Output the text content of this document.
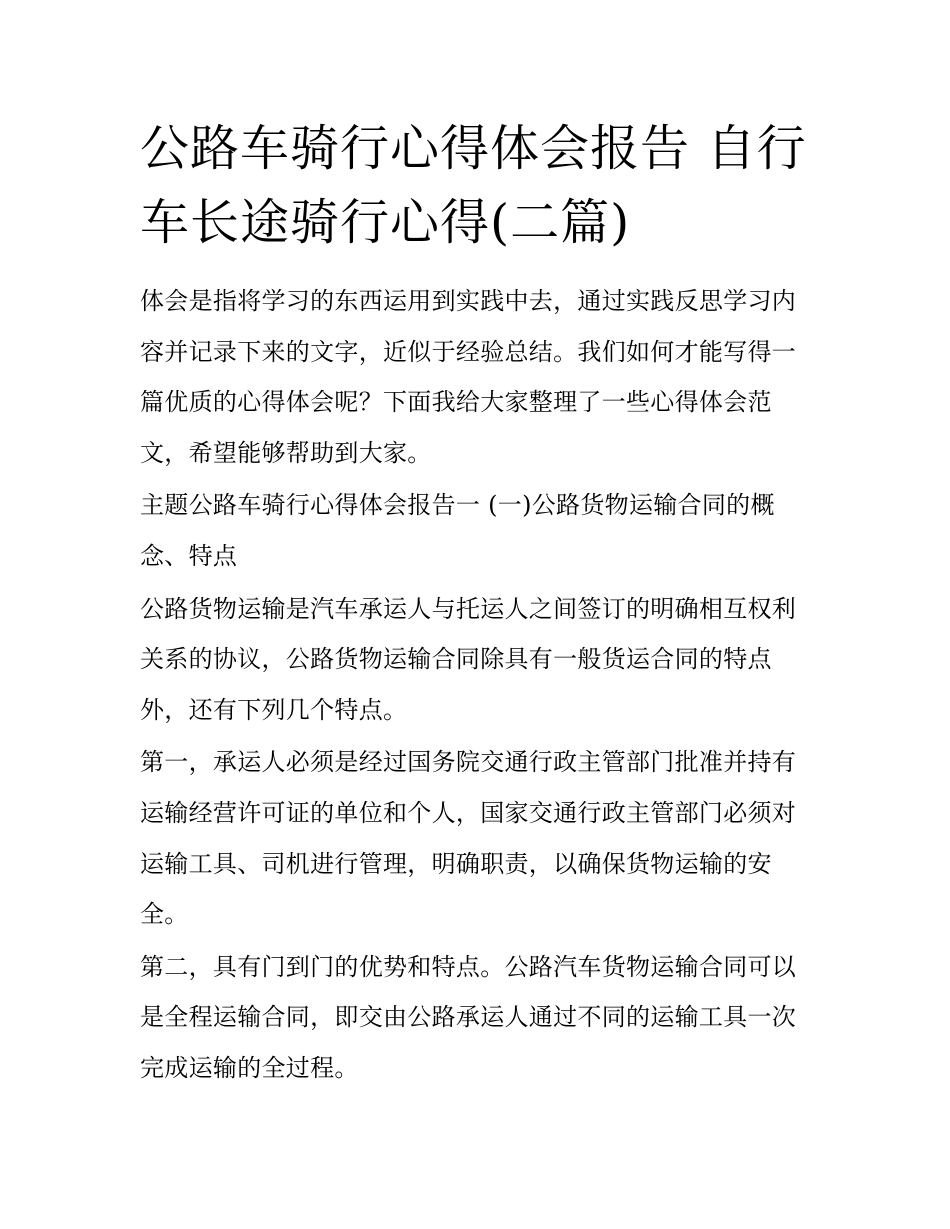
公路车骑行心得体会报告 自行车长途骑行心得(二篇)

体会是指将学习的东西运用到实践中去，通过实践反思学习内容并记录下来的文字，近似于经验总结。我们如何才能写得一篇优质的心得体会呢？下面我给大家整理了一些心得体会范文，希望能够帮助到大家。

主题公路车骑行心得体会报告一 (一)公路货物运输合同的概念、特点

公路货物运输是汽车承运人与托运人之间签订的明确相互权利关系的协议，公路货物运输合同除具有一般货运合同的特点外，还有下列几个特点。

第一，承运人必须是经过国务院交通行政主管部门批准并持有运输经营许可证的单位和个人，国家交通行政主管部门必须对运输工具、司机进行管理，明确职责，以确保货物运输的安全。

第二，具有门到门的优势和特点。公路汽车货物运输合同可以是全程运输合同，即交由公路承运人通过不同的运输工具一次完成运输的全过程。
